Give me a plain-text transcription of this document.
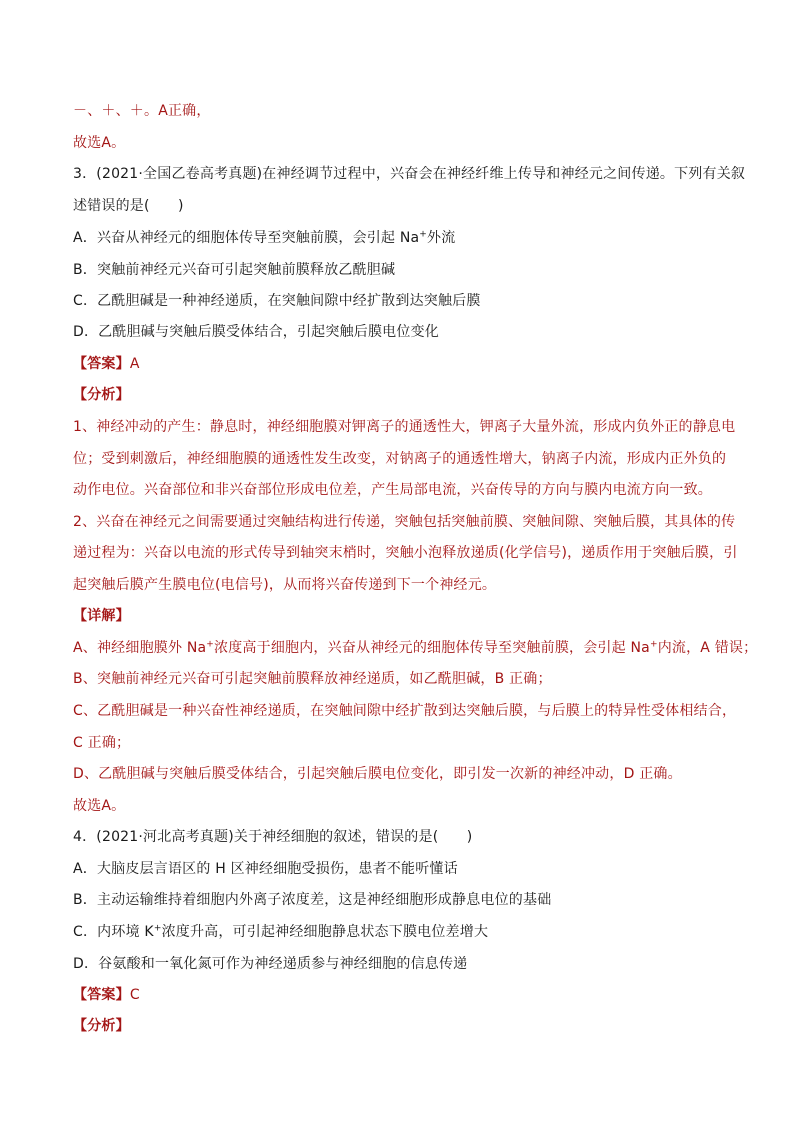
－、＋、＋。A正确，
故选A。
3．(2021·全国乙卷高考真题)在神经调节过程中，兴奋会在神经纤维上传导和神经元之间传递。下列有关叙
述错误的是(　　)
A．兴奋从神经元的细胞体传导至突触前膜，会引起 Na+外流
B．突触前神经元兴奋可引起突触前膜释放乙酰胆碱
C．乙酰胆碱是一种神经递质，在突触间隙中经扩散到达突触后膜
D．乙酰胆碱与突触后膜受体结合，引起突触后膜电位变化
【答案】A
【分析】
1、神经冲动的产生：静息时，神经细胞膜对钾离子的通透性大，钾离子大量外流，形成内负外正的静息电
位；受到刺激后，神经细胞膜的通透性发生改变，对钠离子的通透性增大，钠离子内流，形成内正外负的
动作电位。兴奋部位和非兴奋部位形成电位差，产生局部电流，兴奋传导的方向与膜内电流方向一致。
2、兴奋在神经元之间需要通过突触结构进行传递，突触包括突触前膜、突触间隙、突触后膜，其具体的传
递过程为：兴奋以电流的形式传导到轴突末梢时，突触小泡释放递质(化学信号)，递质作用于突触后膜，引
起突触后膜产生膜电位(电信号)，从而将兴奋传递到下一个神经元。
【详解】
A、神经细胞膜外 Na+浓度高于细胞内，兴奋从神经元的细胞体传导至突触前膜，会引起 Na+内流，A 错误；
B、突触前神经元兴奋可引起突触前膜释放神经递质，如乙酰胆碱，B 正确；
C、乙酰胆碱是一种兴奋性神经递质，在突触间隙中经扩散到达突触后膜，与后膜上的特异性受体相结合，
C 正确；
D、乙酰胆碱与突触后膜受体结合，引起突触后膜电位变化，即引发一次新的神经冲动，D 正确。
故选A。
4．(2021·河北高考真题)关于神经细胞的叙述，错误的是(　　)
A．大脑皮层言语区的 H 区神经细胞受损伤，患者不能听懂话
B．主动运输维持着细胞内外离子浓度差，这是神经细胞形成静息电位的基础
C．内环境 K+浓度升高，可引起神经细胞静息状态下膜电位差增大
D．谷氨酸和一氧化氮可作为神经递质参与神经细胞的信息传递
【答案】C
【分析】
